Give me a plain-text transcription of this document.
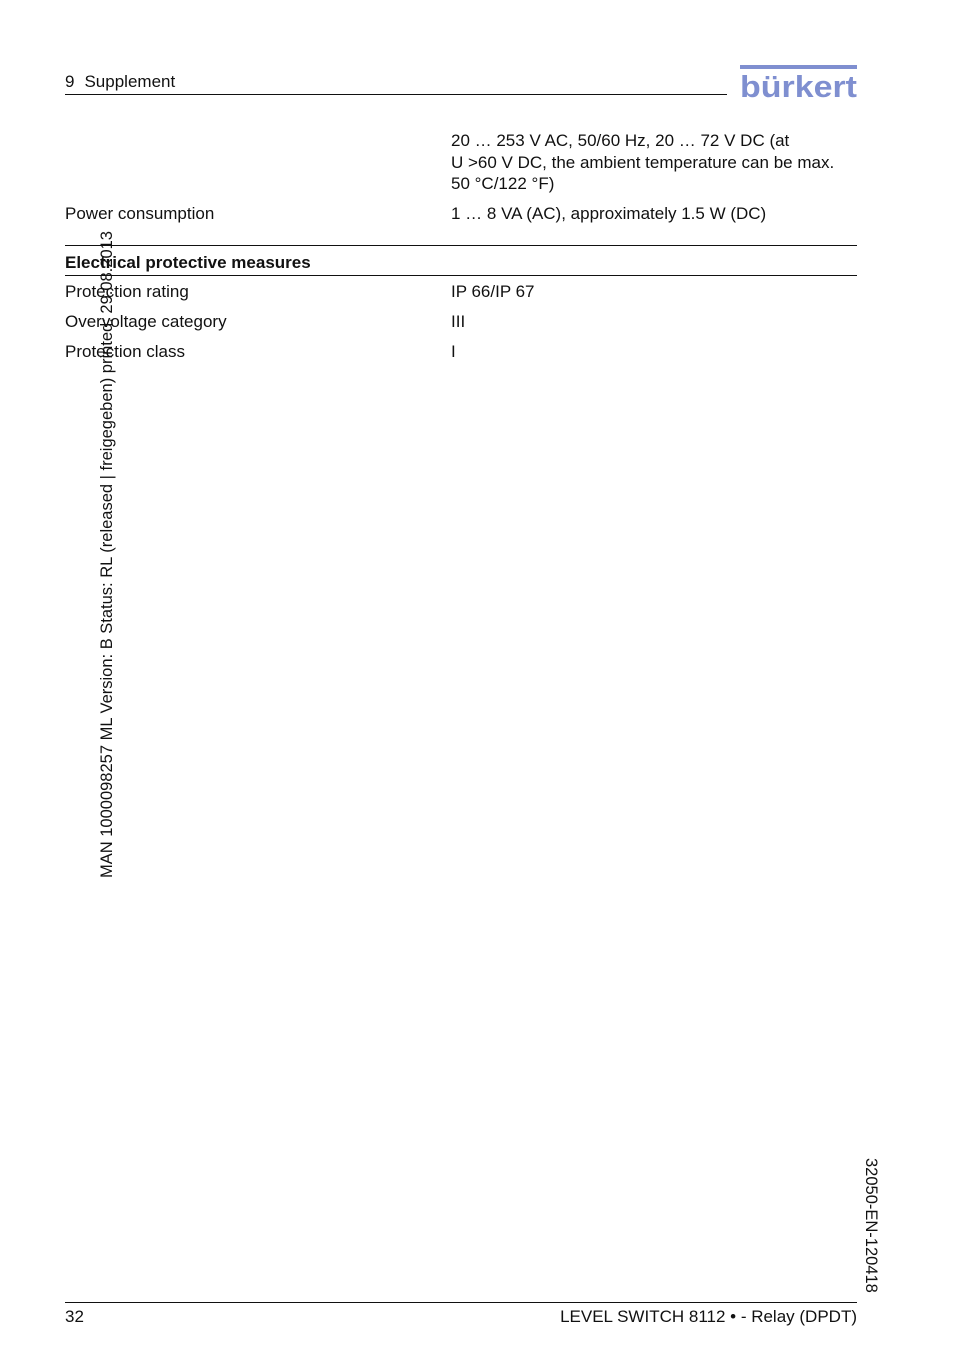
9 Supplement	bürkert
20 … 253 V AC, 50/60 Hz, 20 … 72 V DC (at
U >60 V DC, the ambient temperature can be max.
50 °C/122 °F)
Power consumption	1 … 8 VA (AC), approximately 1.5 W (DC)
Electrical protective measures
Protection rating	IP 66/IP 67
Overvoltage category	III
Protection class	I
MAN 1000098257 ML Version: B Status: RL (released | freigegeben) printed: 29.08.2013
32050-EN-120418
32	LEVEL SWITCH 8112 • - Relay (DPDT)
